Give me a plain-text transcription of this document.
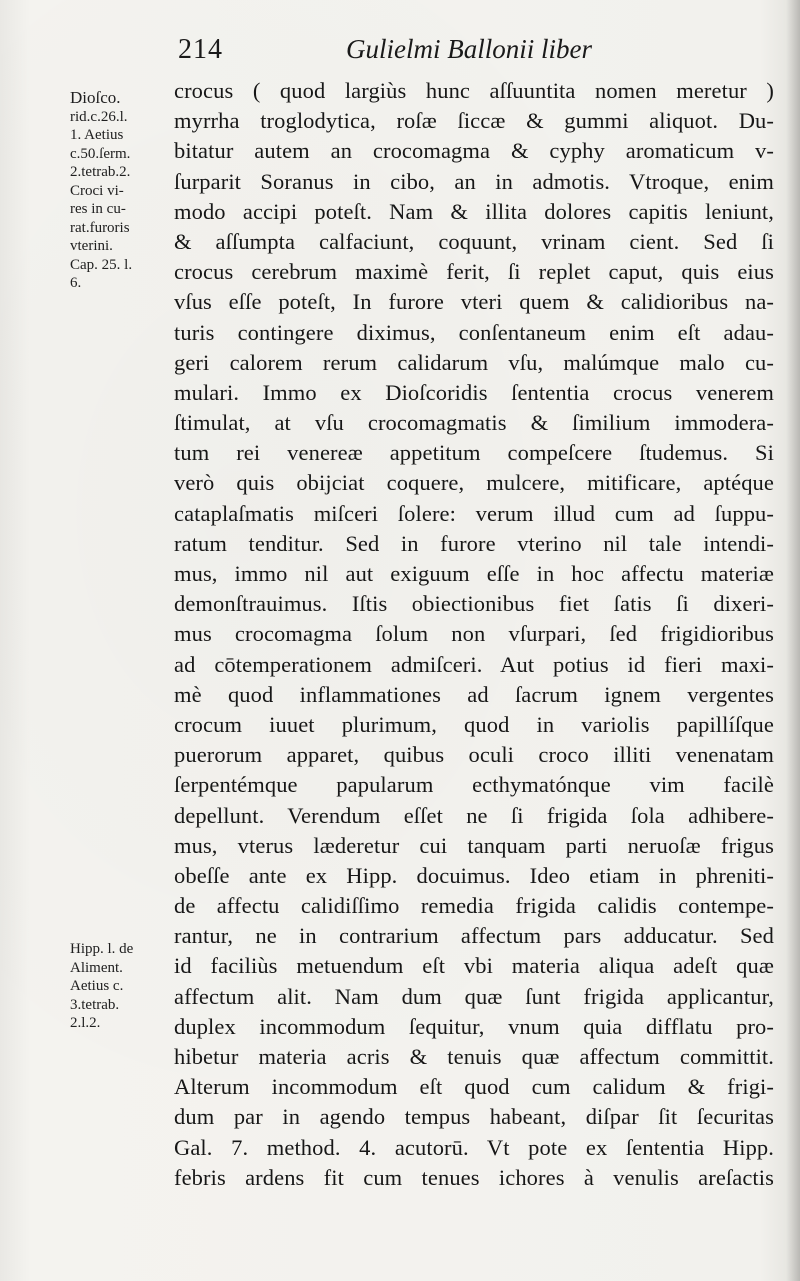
214	Gulielmi Ballonii liber
Dioſco.
rid.c.26.l.
1. Aetius
c.50.ſerm.
2.tetrab.2.
Croci vi-
res in cu-
rat.furoris
vterini.
Cap. 25. l.
6.
Hipp. l. de
Aliment.
Aetius c.
3.tetrab.
2.l.2.
crocus ( quod largiùs hunc aſſuuntita nomen meretur )
myrrha troglodytica, roſæ ſiccæ & gummi aliquot. Du-
bitatur autem an crocomagma & cyphy aromaticum v-
ſurparit Soranus in cibo, an in admotis. Vtroque, enim
modo accipi poteſt. Nam & illita dolores capitis leniunt,
& aſſumpta calfaciunt, coquunt, vrinam cient. Sed ſi
crocus cerebrum maximè ferit, ſi replet caput, quis eius
vſus eſſe poteſt, In furore vteri quem & calidioribus na-
turis contingere diximus, conſentaneum enim eſt adau-
geri calorem rerum calidarum vſu, malúmque malo cu-
mulari. Immo ex Dioſcoridis ſententia crocus venerem
ſtimulat, at vſu crocomagmatis & ſimilium immodera-
tum rei venereæ appetitum compeſcere ſtudemus. Si
verò quis obijciat coquere, mulcere, mitificare, aptéque
cataplaſmatis miſceri ſolere: verum illud cum ad ſuppu-
ratum tenditur. Sed in furore vterino nil tale intendi-
mus, immo nil aut exiguum eſſe in hoc affectu materiæ
demonſtrauimus. Iſtis obiectionibus fiet ſatis ſi dixeri-
mus crocomagma ſolum non vſurpari, ſed frigidioribus
ad cōtemperationem admiſceri. Aut potius id fieri maxi-
mè quod inflammationes ad ſacrum ignem vergentes
crocum iuuet plurimum, quod in variolis papillíſque
puerorum apparet, quibus oculi croco illiti venenatam
ſerpentémque papularum ecthymatónque vim facilè
depellunt. Verendum eſſet ne ſi frigida ſola adhibere-
mus, vterus læderetur cui tanquam parti neruoſæ frigus
obeſſe ante ex Hipp. docuimus. Ideo etiam in phreniti-
de affectu calidiſſimo remedia frigida calidis contempe-
rantur, ne in contrarium affectum pars adducatur. Sed
id faciliùs metuendum eſt vbi materia aliqua adeſt quæ
affectum alit. Nam dum quæ ſunt frigida applicantur,
duplex incommodum ſequitur, vnum quia difflatu pro-
hibetur materia acris & tenuis quæ affectum committit.
Alterum incommodum eſt quod cum calidum & frigi-
dum par in agendo tempus habeant, diſpar ſit ſecuritas
Gal. 7. method. 4. acutorū. Vt pote ex ſententia Hipp.
febris ardens fit cum tenues ichores à venulis areſactis
